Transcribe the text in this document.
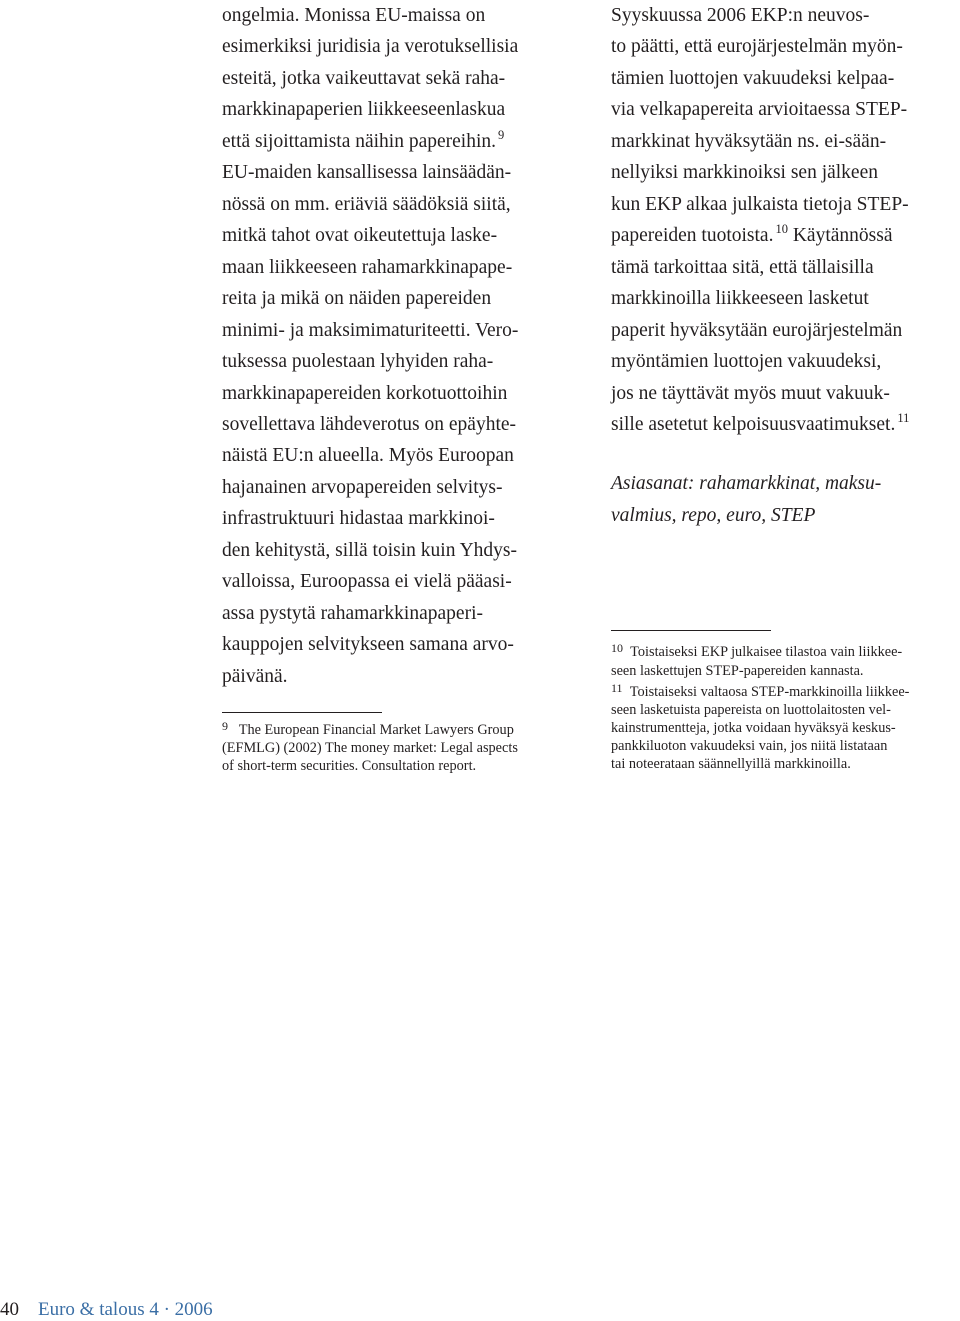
ongelmia. Monissa EU-maissa on
esimerkiksi juridisia ja verotuksellisia
esteitä, jotka vaikeuttavat sekä raha-
markkinapaperien liikkeeseenlaskua
että sijoittamista näihin papereihin. $^9$
EU-maiden kansallisessa lainsäädän-
nössä on mm. eriäviä säädöksiä siitä,
mitkä tahot ovat oikeutettuja laske-
maan liikkeeseen rahamarkkinapape-
reita ja mikä on näiden papereiden
minimi- ja maksimimaturiteetti. Vero-
tuksessa puolestaan lyhyiden raha-
markkinapapereiden korkotuottoihin
sovellettava lähdeverotus on epäyhte-
näistä EU:n alueella. Myös Euroopan
hajanainen arvopapereiden selvitys-
infrastruktuuri hidastaa markkinoi-
den kehitystä, sillä toisin kuin Yhdys-
valloissa, Euroopassa ei vielä pääasi-
assa pystytä rahamarkkinapaperi-
kauppojen selvitykseen samana arvo-
päivänä.
$^9$ The European Financial Market Lawyers Group
(EFMLG) (2002) The money market: Legal aspects
of short-term securities. Consultation report.
Syyskuussa 2006 EKP:n neuvos-
to päätti, että eurojärjestelmän myön-
tämien luottojen vakuudeksi kelpaa-
via velkapapereita arvioitaessa STEP-
markkinat hyväksytään ns. ei-sään-
nellyiksi markkinoiksi sen jälkeen
kun EKP alkaa julkaista tietoja STEP-
papereiden tuotoista. $^{10}$ Käytännössä
tämä tarkoittaa sitä, että tällaisilla
markkinoilla liikkeeseen lasketut
paperit hyväksytään eurojärjestelmän
myöntämien luottojen vakuudeksi,
jos ne täyttävät myös muut vakuuk-
sille asetetut kelpoisuusvaatimukset. $^{11}$
Asiasanat: rahamarkkinat, maksu-
valmius, repo, euro, STEP
$^{10}$ Toistaiseksi EKP julkaisee tilastoa vain liikkee-
seen laskettujen STEP-papereiden kannasta.
$^{11}$ Toistaiseksi valtaosa STEP-markkinoilla liikkee-
seen lasketuista papereista on luottolaitosten vel-
kainstrumentteja, jotka voidaan hyväksyä keskus-
pankkiluoton vakuudeksi vain, jos niitä listataan
tai noteerataan säännellyillä markkinoilla.
40 Euro & talous 4 · 2006
